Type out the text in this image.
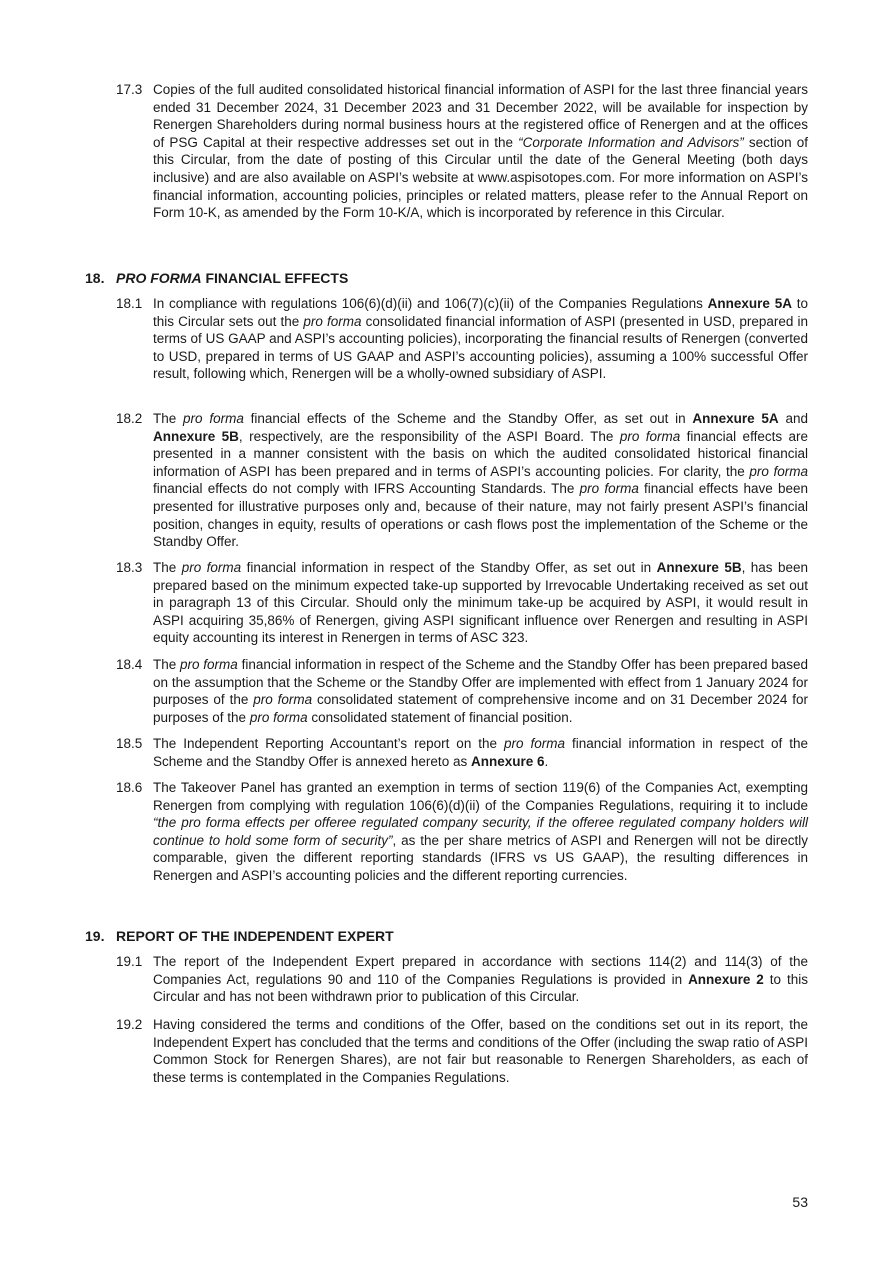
17.3 Copies of the full audited consolidated historical financial information of ASPI for the last three financial years ended 31 December 2024, 31 December 2023 and 31 December 2022, will be available for inspection by Renergen Shareholders during normal business hours at the registered office of Renergen and at the offices of PSG Capital at their respective addresses set out in the “Corporate Information and Advisors” section of this Circular, from the date of posting of this Circular until the date of the General Meeting (both days inclusive) and are also available on ASPI’s website at www.aspisotopes.com. For more information on ASPI’s financial information, accounting policies, principles or related matters, please refer to the Annual Report on Form 10-K, as amended by the Form 10-K/A, which is incorporated by reference in this Circular.
18. PRO FORMA FINANCIAL EFFECTS
18.1 In compliance with regulations 106(6)(d)(ii) and 106(7)(c)(ii) of the Companies Regulations Annexure 5A to this Circular sets out the pro forma consolidated financial information of ASPI (presented in USD, prepared in terms of US GAAP and ASPI’s accounting policies), incorporating the financial results of Renergen (converted to USD, prepared in terms of US GAAP and ASPI’s accounting policies), assuming a 100% successful Offer result, following which, Renergen will be a wholly-owned subsidiary of ASPI.
18.2 The pro forma financial effects of the Scheme and the Standby Offer, as set out in Annexure 5A and Annexure 5B, respectively, are the responsibility of the ASPI Board. The pro forma financial effects are presented in a manner consistent with the basis on which the audited consolidated historical financial information of ASPI has been prepared and in terms of ASPI’s accounting policies. For clarity, the pro forma financial effects do not comply with IFRS Accounting Standards. The pro forma financial effects have been presented for illustrative purposes only and, because of their nature, may not fairly present ASPI’s financial position, changes in equity, results of operations or cash flows post the implementation of the Scheme or the Standby Offer.
18.3 The pro forma financial information in respect of the Standby Offer, as set out in Annexure 5B, has been prepared based on the minimum expected take-up supported by Irrevocable Undertaking received as set out in paragraph 13 of this Circular. Should only the minimum take-up be acquired by ASPI, it would result in ASPI acquiring 35,86% of Renergen, giving ASPI significant influence over Renergen and resulting in ASPI equity accounting its interest in Renergen in terms of ASC 323.
18.4 The pro forma financial information in respect of the Scheme and the Standby Offer has been prepared based on the assumption that the Scheme or the Standby Offer are implemented with effect from 1 January 2024 for purposes of the pro forma consolidated statement of comprehensive income and on 31 December 2024 for purposes of the pro forma consolidated statement of financial position.
18.5 The Independent Reporting Accountant’s report on the pro forma financial information in respect of the Scheme and the Standby Offer is annexed hereto as Annexure 6.
18.6 The Takeover Panel has granted an exemption in terms of section 119(6) of the Companies Act, exempting Renergen from complying with regulation 106(6)(d)(ii) of the Companies Regulations, requiring it to include “the pro forma effects per offeree regulated company security, if the offeree regulated company holders will continue to hold some form of security”, as the per share metrics of ASPI and Renergen will not be directly comparable, given the different reporting standards (IFRS vs US GAAP), the resulting differences in Renergen and ASPI’s accounting policies and the different reporting currencies.
19. REPORT OF THE INDEPENDENT EXPERT
19.1 The report of the Independent Expert prepared in accordance with sections 114(2) and 114(3) of the Companies Act, regulations 90 and 110 of the Companies Regulations is provided in Annexure 2 to this Circular and has not been withdrawn prior to publication of this Circular.
19.2 Having considered the terms and conditions of the Offer, based on the conditions set out in its report, the Independent Expert has concluded that the terms and conditions of the Offer (including the swap ratio of ASPI Common Stock for Renergen Shares), are not fair but reasonable to Renergen Shareholders, as each of these terms is contemplated in the Companies Regulations.
53
